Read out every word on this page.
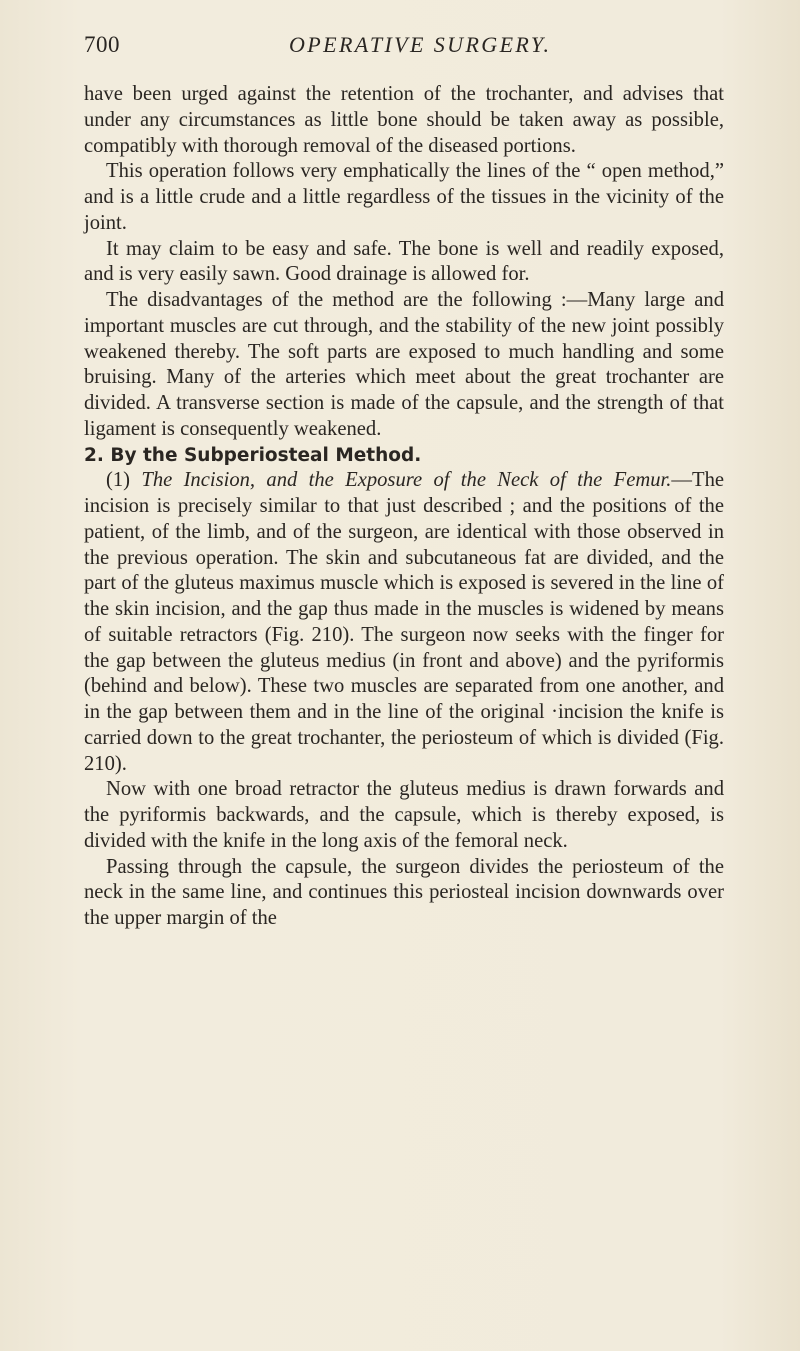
700	OPERATIVE SURGERY.

have been urged against the retention of the trochanter, and advises that under any circumstances as little bone should be taken away as possible, compatibly with thorough removal of the diseased portions.

This operation follows very emphatically the lines of the “ open method,” and is a little crude and a little regardless of the tissues in the vicinity of the joint.

It may claim to be easy and safe. The bone is well and readily exposed, and is very easily sawn. Good drainage is allowed for.

The disadvantages of the method are the following :—Many large and important muscles are cut through, and the stability of the new joint possibly weakened thereby. The soft parts are exposed to much handling and some bruising. Many of the arteries which meet about the great trochanter are divided. A transverse section is made of the capsule, and the strength of that ligament is consequently weakened.

2. By the Subperiosteal Method.

(1) The Incision, and the Exposure of the Neck of the Femur.—The incision is precisely similar to that just described ; and the positions of the patient, of the limb, and of the surgeon, are identical with those observed in the previous operation. The skin and subcutaneous fat are divided, and the part of the gluteus maximus muscle which is exposed is severed in the line of the skin incision, and the gap thus made in the muscles is widened by means of suitable retractors (Fig. 210). The surgeon now seeks with the finger for the gap between the gluteus medius (in front and above) and the pyriformis (behind and below). These two muscles are separated from one another, and in the gap between them and in the line of the original ·incision the knife is carried down to the great trochanter, the periosteum of which is divided (Fig. 210).

Now with one broad retractor the gluteus medius is drawn forwards and the pyriformis backwards, and the capsule, which is thereby exposed, is divided with the knife in the long axis of the femoral neck.

Passing through the capsule, the surgeon divides the periosteum of the neck in the same line, and continues this periosteal incision downwards over the upper margin of the
